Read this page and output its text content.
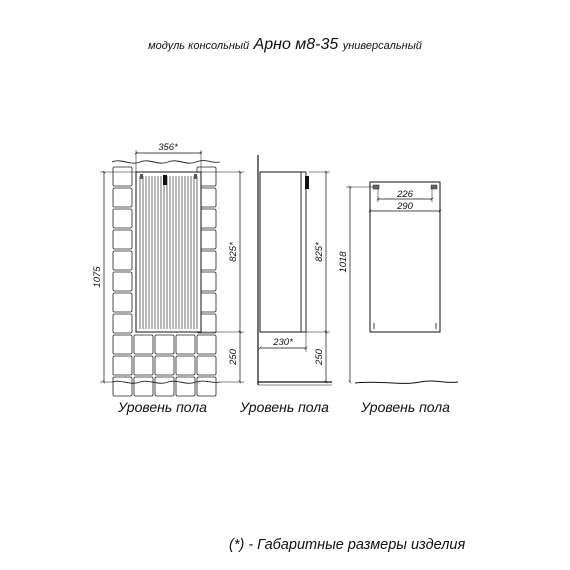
модуль консольный Арно м8-35 универсальный
356*
1075
825*
250
230*
825*
250
226
290
1018
Уровень пола Уровень пола Уровень пола
(*) - Габаритные размеры изделия
